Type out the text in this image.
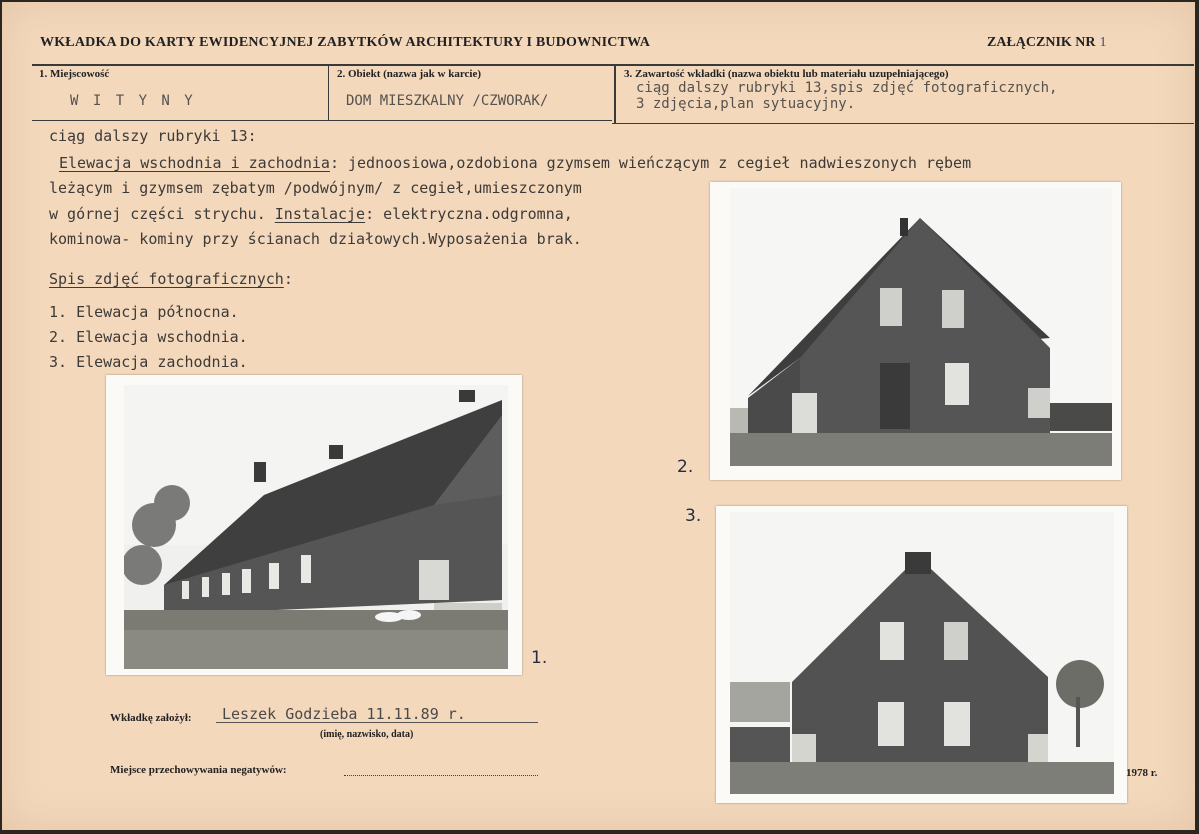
WKŁADKA DO KARTY EWIDENCYJNEJ ZABYTKÓW ARCHITEKTURY I BUDOWNICTWA	ZAŁĄCZNIK NR 1
1. Miejscowość
W I T Y N Y
2. Obiekt (nazwa jak w karcie)
DOM MIESZKALNY /CZWORAK/
3. Zawartość wkładki (nazwa obiektu lub materiału uzupełniającego)
ciąg dalszy rubryki 13,spis zdjęć fotograficznych,
3 zdjęcia,plan sytuacyjny.
ciąg dalszy rubryki 13:
Elewacja wschodnia i zachodnia: jednoosiowa,ozdobiona gzymsem wieńczącym z cegieł nadwieszonych rębem
leżącym i gzymsem zębatym /podwójnym/ z cegieł,umieszczonym
w górnej części strychu. Instalacje: elektryczna.odgromna,
kominowa- kominy przy ścianach działowych.Wyposażenia brak.
Spis zdjęć fotograficznych:
1. Elewacja północna.
2. Elewacja wschodnia.
3. Elewacja zachodnia.
1.
2.
3.
Wkładkę założył: Leszek Godzieba 11.11.89 r.
(imię, nazwisko, data)
Miejsce przechowywania negatywów:	1978 r.
